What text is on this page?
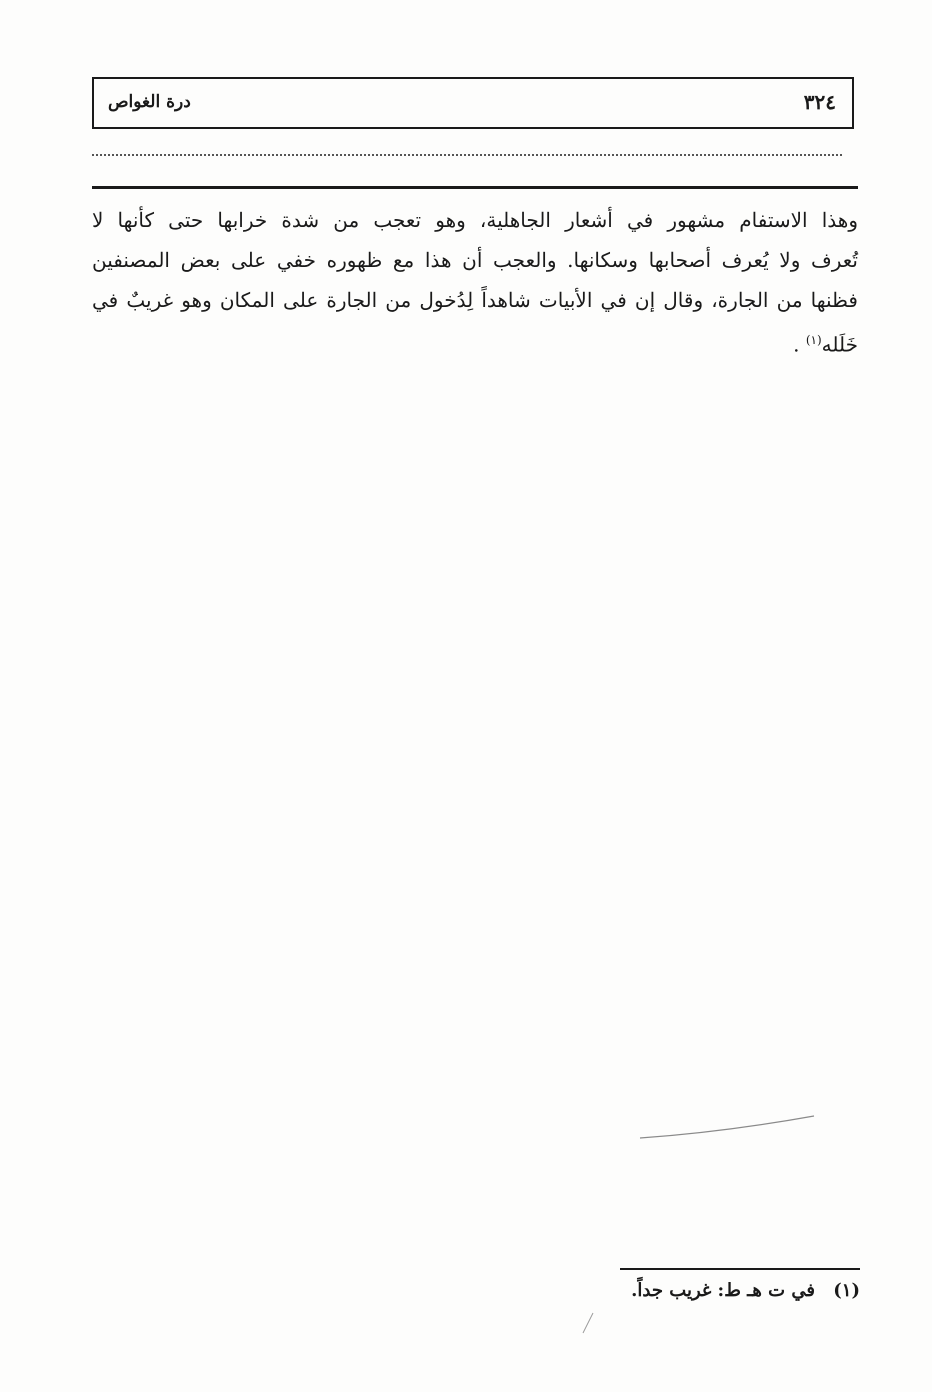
درة الغواص	٣٢٤
وهذا الاستفام مشهور في أشعار الجاهلية، وهو تعجب من شدة خرابها حتى كأنها لا
تُعرف ولا يُعرف أصحابها وسكانها. والعجب أن هذا مع ظهوره خفي على بعض المصنفين
فظنها من الجارة، وقال إن في الأبيات شاهداً لِدُخول من الجارة على المكان وهو غريبٌ في
خَلَله$^{(١)}$ .
(١) في ت هـ ط: غريب جداً.
